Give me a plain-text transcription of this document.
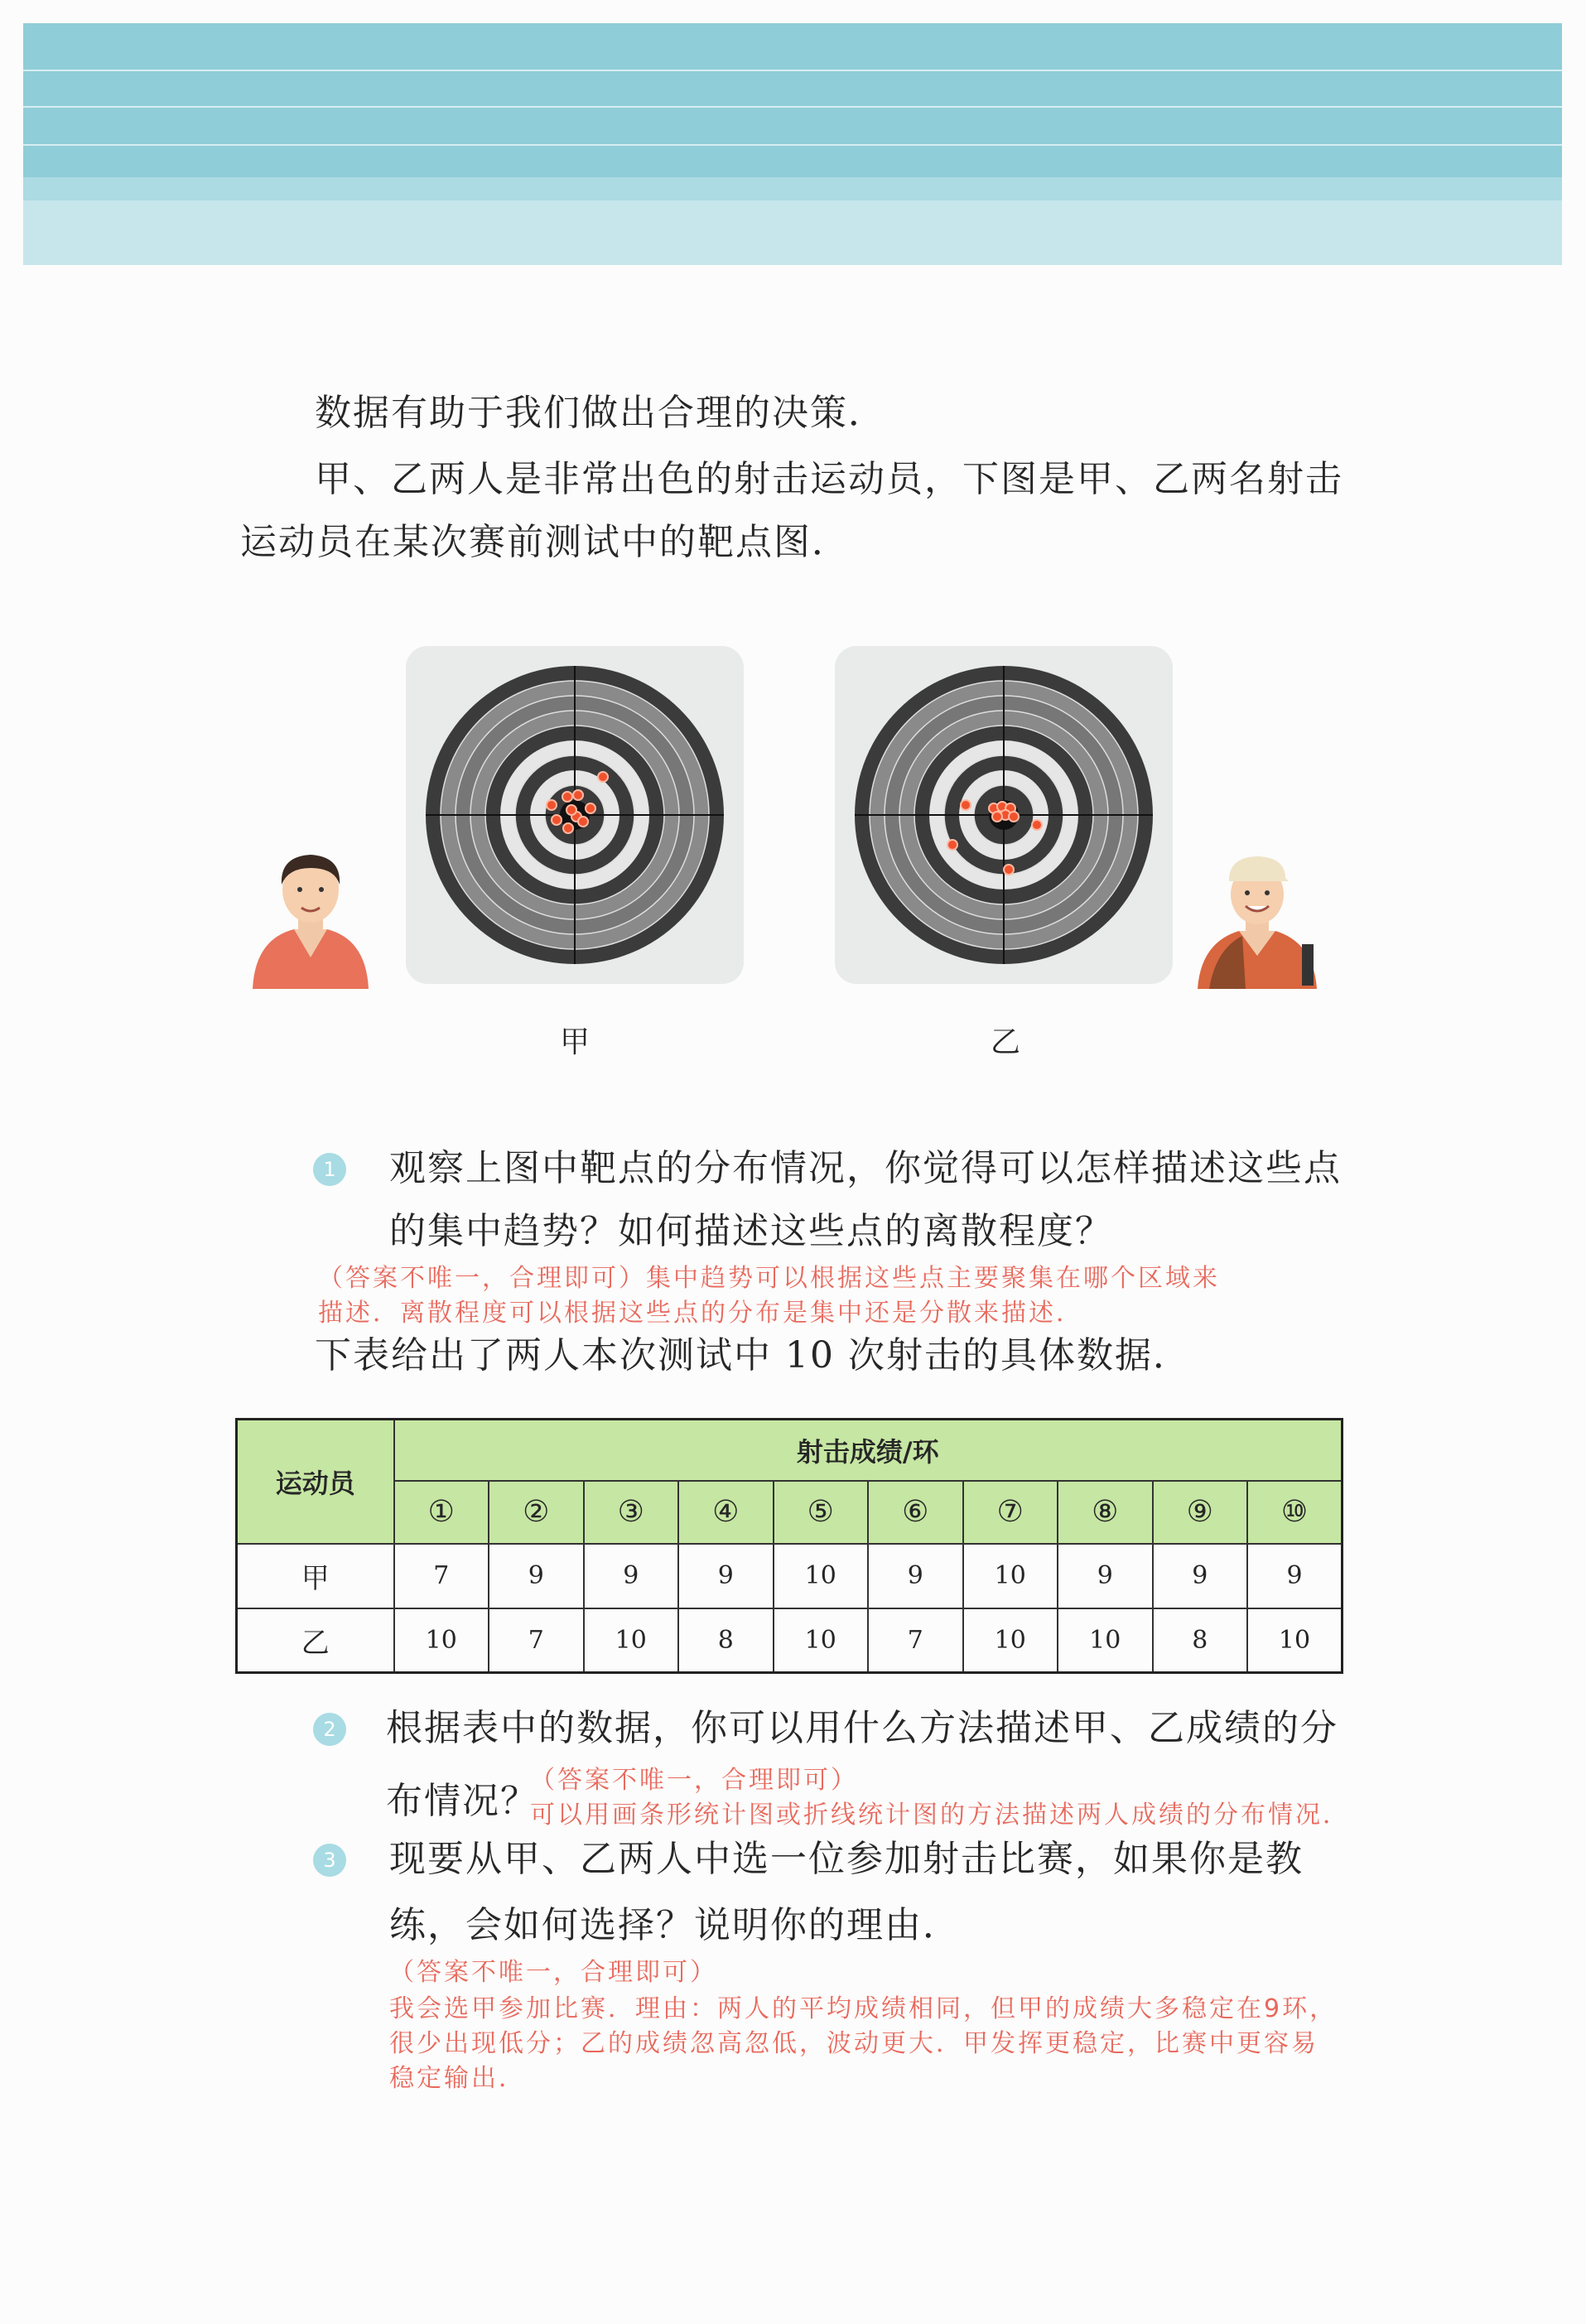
数据有助于我们做出合理的决策．
甲、乙两人是非常出色的射击运动员，下图是甲、乙两名射击
运动员在某次赛前测试中的靶点图．
甲	乙
1 观察上图中靶点的分布情况，你觉得可以怎样描述这些点
的集中趋势？如何描述这些点的离散程度？
（答案不唯一，合理即可）集中趋势可以根据这些点主要聚集在哪个区域来
描述．离散程度可以根据这些点的分布是集中还是分散来描述．
下表给出了两人本次测试中 10 次射击的具体数据．
运动员	射击成绩/环									
	①	②	③	④	⑤	⑥	⑦	⑧	⑨	⑩
甲	7	9	9	9	10	9	10	9	9	9
乙	10	7	10	8	10	7	10	10	8	10
2 根据表中的数据，你可以用什么方法描述甲、乙成绩的分
布情况？
（答案不唯一，合理即可）
可以用画条形统计图或折线统计图的方法描述两人成绩的分布情况．
3 现要从甲、乙两人中选一位参加射击比赛，如果你是教
练，会如何选择？说明你的理由．
（答案不唯一，合理即可）
我会选甲参加比赛．理由：两人的平均成绩相同，但甲的成绩大多稳定在9环，
很少出现低分；乙的成绩忽高忽低，波动更大．甲发挥更稳定，比赛中更容易
稳定输出．
